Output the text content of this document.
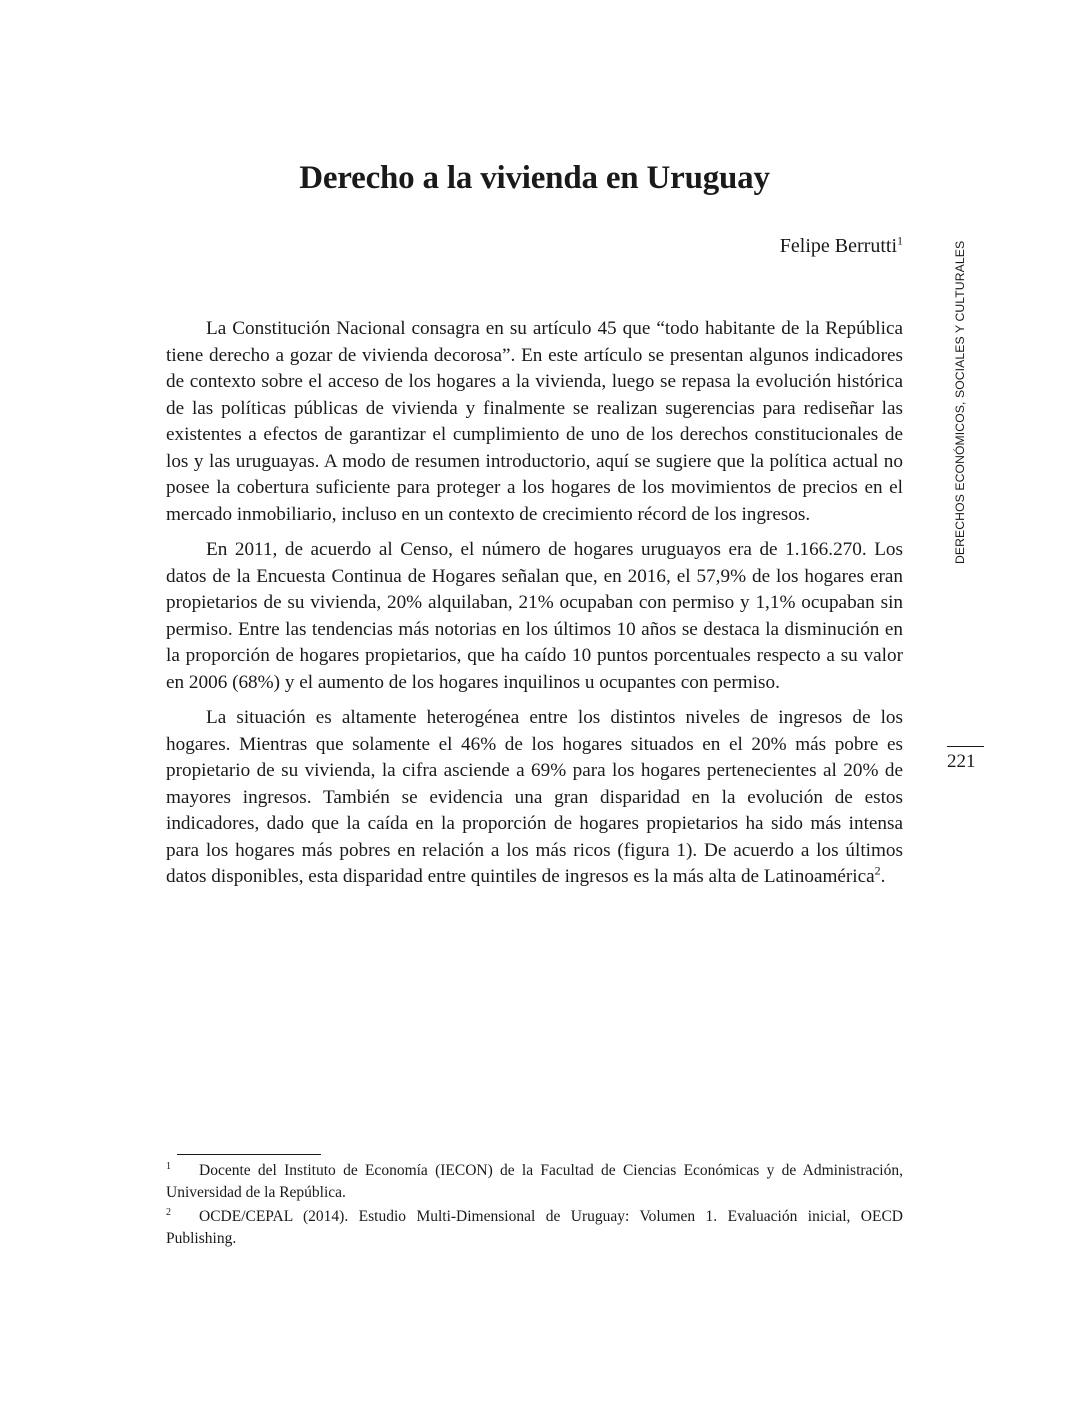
Derecho a la vivienda en Uruguay
Felipe Berrutti$^1$
DERECHOS ECONÓMICOS, SOCIALES Y CULTURALES
221

La Constitución Nacional consagra en su artículo 45 que “todo habitante de la República tiene derecho a gozar de vivienda decorosa”. En este artículo se presentan algunos indicadores de contexto sobre el acceso de los hogares a la vivienda, luego se repasa la evolución histórica de las políticas públicas de vivienda y finalmente se realizan sugerencias para rediseñar las existentes a efectos de garantizar el cumplimiento de uno de los derechos constitucionales de los y las uruguayas. A modo de resumen introductorio, aquí se sugiere que la política actual no posee la cobertura suficiente para proteger a los hogares de los movimientos de precios en el mercado inmobiliario, incluso en un contexto de crecimiento récord de los ingresos.

En 2011, de acuerdo al Censo, el número de hogares uruguayos era de 1.166.270. Los datos de la Encuesta Continua de Hogares señalan que, en 2016, el 57,9% de los hogares eran propietarios de su vivienda, 20% alquilaban, 21% ocupaban con permiso y 1,1% ocupaban sin permiso. Entre las tendencias más notorias en los últimos 10 años se destaca la disminución en la proporción de hogares propietarios, que ha caído 10 puntos porcentuales respecto a su valor en 2006 (68%) y el aumento de los hogares inquilinos u ocupantes con permiso.

La situación es altamente heterogénea entre los distintos niveles de ingresos de los hogares. Mientras que solamente el 46% de los hogares situados en el 20% más pobre es propietario de su vivienda, la cifra asciende a 69% para los hogares pertenecientes al 20% de mayores ingresos. También se evidencia una gran disparidad en la evolución de estos indicadores, dado que la caída en la proporción de hogares propietarios ha sido más intensa para los hogares más pobres en relación a los más ricos (figura 1). De acuerdo a los últimos datos disponibles, esta disparidad entre quintiles de ingresos es la más alta de Latinoamérica$^2$.

1 Docente del Instituto de Economía (IECON) de la Facultad de Ciencias Económicas y de Administración, Universidad de la República.
2 OCDE/CEPAL (2014). Estudio Multi-Dimensional de Uruguay: Volumen 1. Evaluación inicial, OECD Publishing.
